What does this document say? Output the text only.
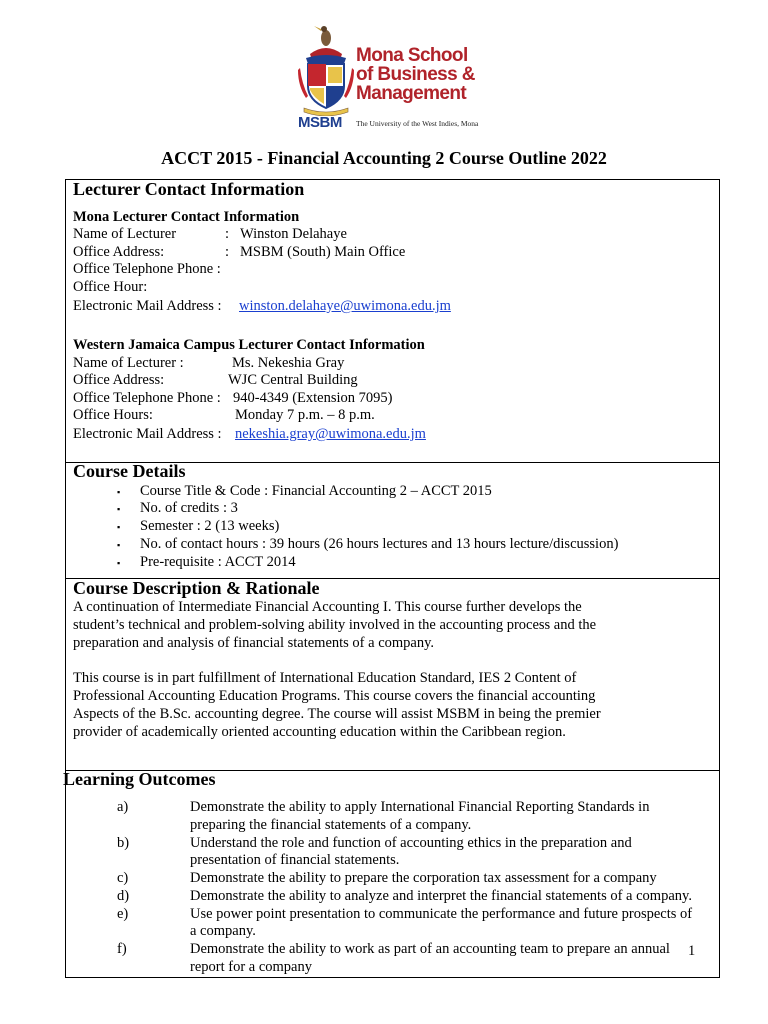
Mona School
of Business &
Management
MSBM The University of the West Indies, Mona
ACCT 2015 - Financial Accounting 2 Course Outline 2022
Lecturer Contact Information
Mona Lecturer Contact Information
Name of Lecturer	: Winston Delahaye
Office Address:	: MSBM (South) Main Office
Office Telephone Phone :
Office Hour:
Electronic Mail Address : winston.delahaye@uwimona.edu.jm
Western Jamaica Campus Lecturer Contact Information
Name of Lecturer :	Ms. Nekeshia Gray
Office Address:	WJC Central Building
Office Telephone Phone : 940-4349 (Extension 7095)
Office Hours:	Monday 7 p.m. – 8 p.m.
Electronic Mail Address : nekeshia.gray@uwimona.edu.jm
Course Details
▪ Course Title & Code : Financial Accounting 2 – ACCT 2015
▪ No. of credits : 3
▪ Semester : 2 (13 weeks)
▪ No. of contact hours : 39 hours (26 hours lectures and 13 hours lecture/discussion)
▪ Pre-requisite : ACCT 2014
Course Description & Rationale
A continuation of Intermediate Financial Accounting I. This course further develops the
student’s technical and problem-solving ability involved in the accounting process and the
preparation and analysis of financial statements of a company.
This course is in part fulfillment of International Education Standard, IES 2 Content of
Professional Accounting Education Programs. This course covers the financial accounting
Aspects of the B.Sc. accounting degree. The course will assist MSBM in being the premier
provider of academically oriented accounting education within the Caribbean region.
Learning Outcomes
a)	Demonstrate the ability to apply International Financial Reporting Standards in
preparing the financial statements of a company.
b)	Understand the role and function of accounting ethics in the preparation and
presentation of financial statements.
c)	Demonstrate the ability to prepare the corporation tax assessment for a company
d)	Demonstrate the ability to analyze and interpret the financial statements of a company.
e)	Use power point presentation to communicate the performance and future prospects of
a company.
f)	Demonstrate the ability to work as part of an accounting team to prepare an annual
report for a company
1
